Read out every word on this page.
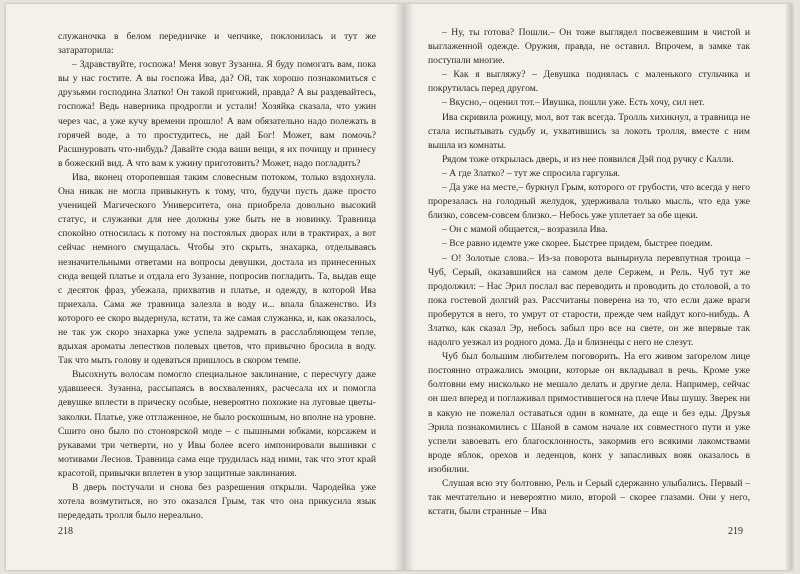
служаночка в белом передничке и чепчике, поклонилась и тут же затараторила:

– Здравствуйте, госпожа! Меня зовут Зузанна. Я буду помогать вам, пока вы у нас гостите. А вы госпожа Ива, да? Ой, так хорошо познакомиться с друзьями господина Златко! Он такой пригожий, правда? А вы раздевайтесь, госпожа! Ведь наверника продрогли и устали! Хозяйка сказала, что ужин через час, а уже кучу времени прошло! А вам обязательно надо полежать в горячей воде, а то простудитесь, не дай Бог! Может, вам помочь? Расшнуровать что-нибудь? Давайте сюда ваши вещи, я их почищу и принесу в божеский вид. А что вам к ужину приготовить? Может, надо погладить?

Ива, вконец оторопевшая таким словесным потоком, только вздохнула. Она никак не могла привыкнуть к тому, что, будучи пусть даже просто ученицей Магического Университета, она приобрела довольно высокий статус, и служанки для нее должны уже быть не в новинку. Травница спокойно относилась к потому на постоялых дворах или в трактирах, а вот сейчас немного смущалась. Чтобы это скрыть, знахарка, отделываясь незначительными ответами на вопросы девушки, достала из принесенных сюда вещей платье и отдала его Зузанне, попросив погладить. Та, выдав еще с десяток фраз, убежала, прихватив и платье, и одежду, в которой Ива приехала. Сама же травница залезла в воду и... впала блаженство. Из которого ее скоро выдернула, кстати, та же самая служанка, и, как оказалось, не так уж скоро знахарка уже успела задремать в расслабляющем тепле, вдыхая ароматы лепестков полевых цветов, что привычно бросила в воду. Так что мыть голову и одеваться пришлось в скором темпе.

Высохнуть волосам помогло специальное заклинание, с пересчугу даже удавшееся. Зузанна, рассыпаясь в восхвалениях, расчесала их и помогла девушке вплести в прическу особые, невероятно похожие на луговые цветы-заколки. Платье, уже отглаженное, не было роскошным, но вполне на уровне. Сшито оно было по стоноярской моде – с пышными юбками, корсажем и рукавами три четверти, но у Ивы более всего импонировали вышивки с мотивами Леснов. Травница сама еще трудилась над ними, так что этот край красотой, привычки вплетен в узор защитные заклинания.

В дверь постучали и снова без разрешения открыли. Чародейка уже хотела возмутиться, но это оказался Грым, так что она прикусила язык передедать тролля было нереально.

218

– Ну, ты готова? Пошли.– Он тоже выглядел посвежевшим в чистой и выглаженной одежде. Оружия, правда, не оставил. Впрочем, в замке так поступали многие.

– Как я выгляжу? – Девушка поднялась с маленького стульчика и покрутилась перед другом.

– Вкусно,– оценил тот.– Ивушка, пошли уже. Есть хочу, сил нет.

Ива скривила рожицу, мол, вот так всегда. Тролль хихикнул, а травница не стала испытывать судьбу и, ухватившись за локоть тролля, вместе с ним вышла из комнаты.

Рядом тоже открылась дверь, и из нее появился Дэй под ручку с Калли.

– А где Златко? – тут же спросила гаргулья.

– Да уже на месте,– буркнул Грым, которого от грубости, что всегда у него прорезалась на голодный желудок, удерживала только мысль, что еда уже близко, совсем-совсем близко.– Небось уже уплетает за обе щеки.

– Он с мамой общается,– возразила Ива.

– Все равно идемте уже скорее. Быстрее придем, быстрее поедим.

– О! Золотые слова.– Из-за поворота вынырнула перевпутная троица – Чуб, Серый, оказавшийся на самом деле Сержем, и Рель. Чуб тут же продолжил: – Нас Эрил послал вас переводить и проводить до столовой, а то пока гостевой долгий раз. Рассчитаны поверена на то, что если даже враги проберутся в него, то умрут от старости, прежде чем найдут кого-нибудь. А Златко, как сказал Эр, небось забыл про все на свете, он же впервые так надолго уезжал из родного дома. Да и близнецы с него не слезут.

Чуб был большим любителем поговорить. На его живом загорелом лице постоянно отражались эмоции, которые он вкладывал в речь. Кроме уже болтовни ему нисколько не мешало делать и другие дела. Например, сейчас он шел вперед и поглаживал примостившегося на плече Ивы шушу. Зверек ни в какую не пожелал оставаться один в комнате, да еще и без еды. Друзья Эрила познакомились с Шаной в самом начале их совместного пути и уже успели завоевать его благосклонность, закормив его всякими лакомствами вроде яблок, орехов и леденцов, конх у запасливых вояк оказалось в изобилии.

Слушая всю эту болтовню, Рель и Серый сдержанно улыбались. Первый – так мечтательно и невероятно мило, второй – скорее глазами. Они у него, кстати, были странные – Ива

219
